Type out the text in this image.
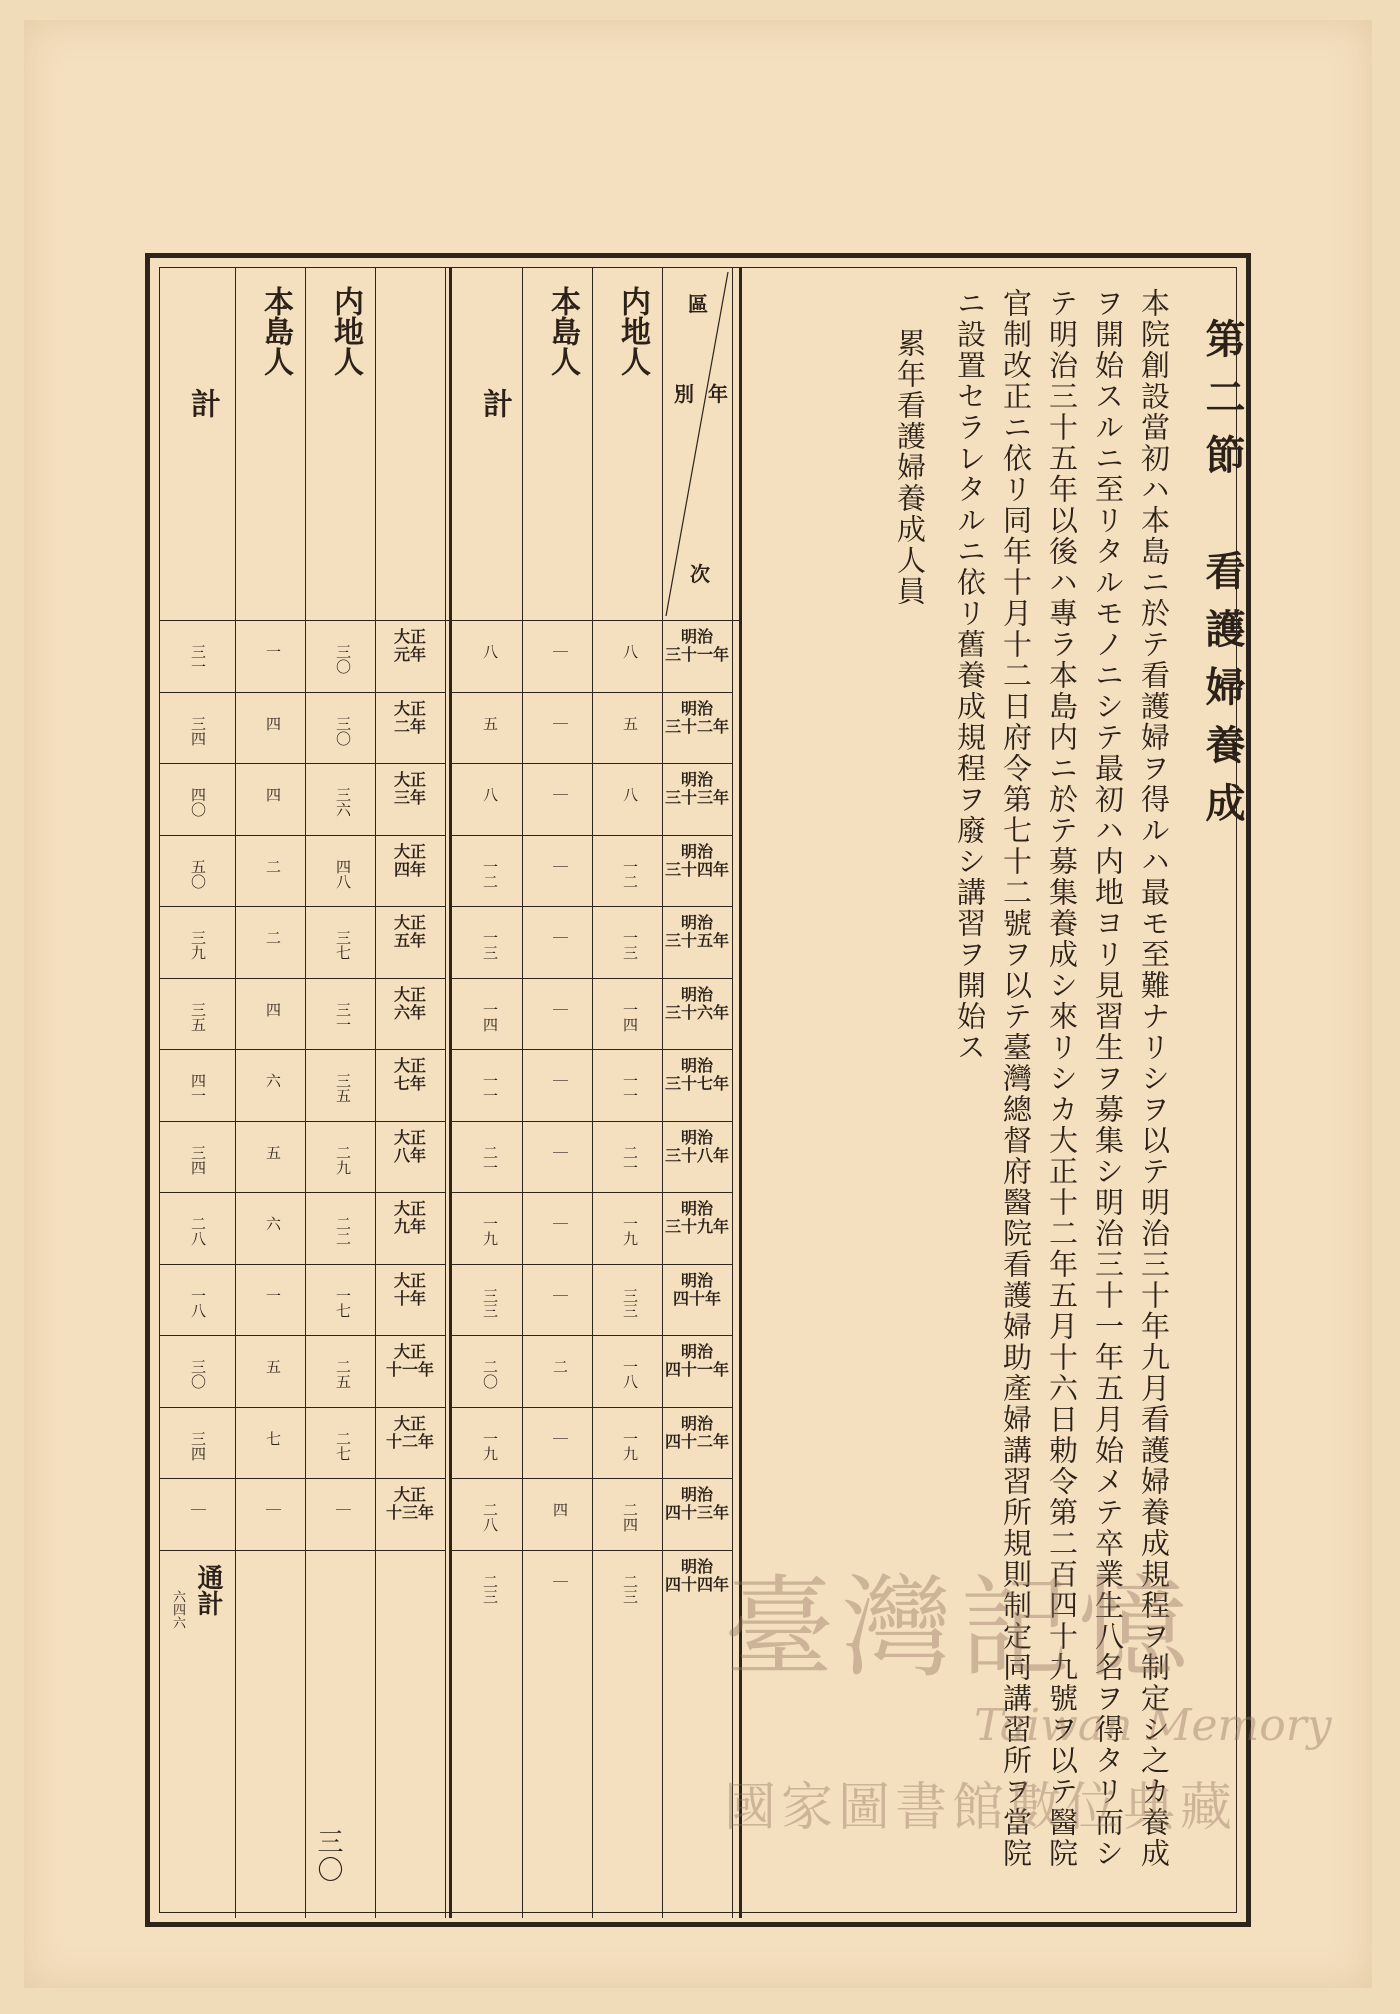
第二節　看護婦養成
本院創設當初ハ本島ニ於テ看護婦ヲ得ルハ最モ至難ナリシヲ以テ明治三十年九月看護婦養成規程ヲ制定シ之カ養成ヲ開始スルニ至リタルモノニシテ最初ハ内地ヨリ見習生ヲ募集シ明治三十一年五月始メテ卒業生八名ヲ得タリ而シテ明治三十五年以後ハ專ラ本島内ニ於テ募集養成シ來リシカ大正十二年五月十六日勅令第二百四十九號ヲ以テ醫院官制改正ニ依リ同年十月十二日府令第七十二號ヲ以テ臺灣總督府醫院看護婦助產婦講習所規則制定同講習所ヲ當院ニ設置セラレタルニ依リ舊養成規程ヲ廢シ講習ヲ開始ス
累年看護婦養成人員
内地人
本島人
計
内地人
本島人
計
區
年
別
次
明治
三十一年
八
｜
八
明治
三十二年
五
｜
五
明治
三十三年
八
｜
八
明治
三十四年
一二
｜
一二
明治
三十五年
一三
｜
一三
明治
三十六年
一四
｜
一四
明治
三十七年
一一
｜
一一
明治
三十八年
二一
｜
二一
明治
三十九年
一九
｜
一九
明治
四十年
三三
｜
三三
明治
四十一年
一八
二
二〇
明治
四十二年
一九
｜
一九
明治
四十三年
二四
四
二八
明治
四十四年
二三
｜
二三
大正
元年
三〇
一
三一
大正
二年
三〇
四
三四
大正
三年
三六
四
四〇
大正
四年
四八
二
五〇
大正
五年
三七
二
三九
大正
六年
三一
四
三五
大正
七年
三五
六
四一
大正
八年
二九
五
三四
大正
九年
二二
六
二八
大正
十年
一七
一
一八
大正
十一年
二五
五
三〇
大正
十二年
二七
七
三四
大正
十三年
｜
｜
｜
通計
六四六
三〇
臺灣記憶
Taiwan Memory
國家圖書館數位典藏
